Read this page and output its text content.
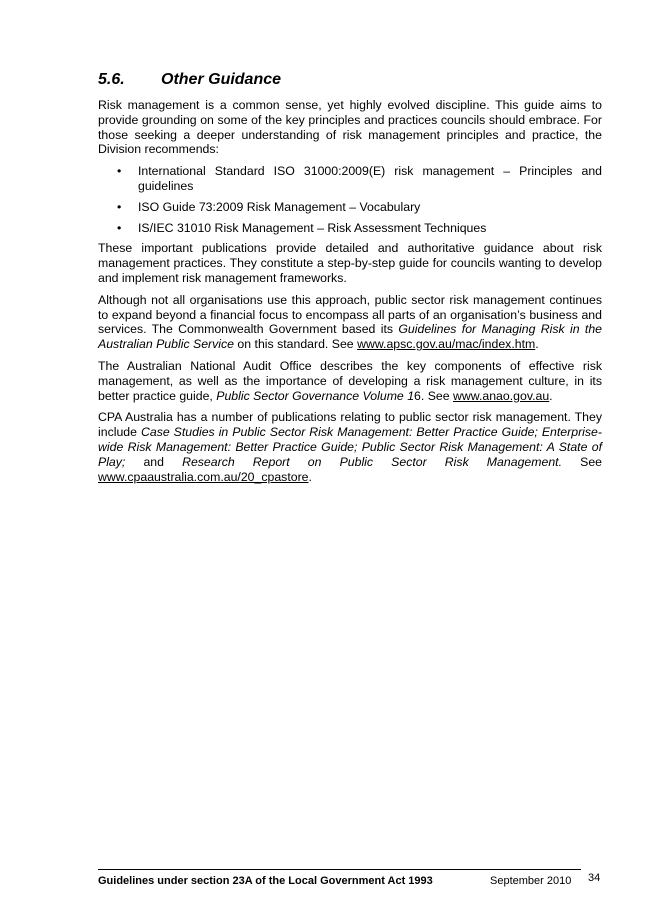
5.6. Other Guidance

Risk management is a common sense, yet highly evolved discipline. This guide aims to provide grounding on some of the key principles and practices councils should embrace. For those seeking a deeper understanding of risk management principles and practice, the Division recommends:

• International Standard ISO 31000:2009(E) risk management – Principles and guidelines
• ISO Guide 73:2009 Risk Management – Vocabulary
• IS/IEC 31010 Risk Management – Risk Assessment Techniques

These important publications provide detailed and authoritative guidance about risk management practices. They constitute a step-by-step guide for councils wanting to develop and implement risk management frameworks.

Although not all organisations use this approach, public sector risk management continues to expand beyond a financial focus to encompass all parts of an organisation’s business and services. The Commonwealth Government based its Guidelines for Managing Risk in the Australian Public Service on this standard. See www.apsc.gov.au/mac/index.htm.

The Australian National Audit Office describes the key components of effective risk management, as well as the importance of developing a risk management culture, in its better practice guide, Public Sector Governance Volume 16. See www.anao.gov.au.

CPA Australia has a number of publications relating to public sector risk management. They include Case Studies in Public Sector Risk Management: Better Practice Guide; Enterprise-wide Risk Management: Better Practice Guide; Public Sector Risk Management: A State of Play; and Research Report on Public Sector Risk Management. See www.cpaaustralia.com.au/20_cpastore.

Guidelines under section 23A of the Local Government Act 1993	September 2010 34
